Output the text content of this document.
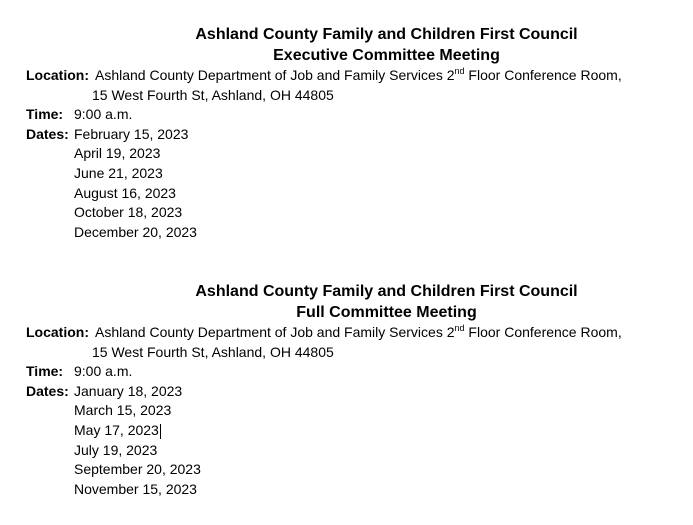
Ashland County Family and Children First Council
Executive Committee Meeting
Location: Ashland County Department of Job and Family Services 2nd Floor Conference Room,
15 West Fourth St, Ashland, OH 44805
Time: 9:00 a.m.
Dates: February 15, 2023
April 19, 2023
June 21, 2023
August 16, 2023
October 18, 2023
December 20, 2023
Ashland County Family and Children First Council
Full Committee Meeting
Location: Ashland County Department of Job and Family Services 2nd Floor Conference Room,
15 West Fourth St, Ashland, OH 44805
Time: 9:00 a.m.
Dates: January 18, 2023
March 15, 2023
May 17, 2023
July 19, 2023
September 20, 2023
November 15, 2023
